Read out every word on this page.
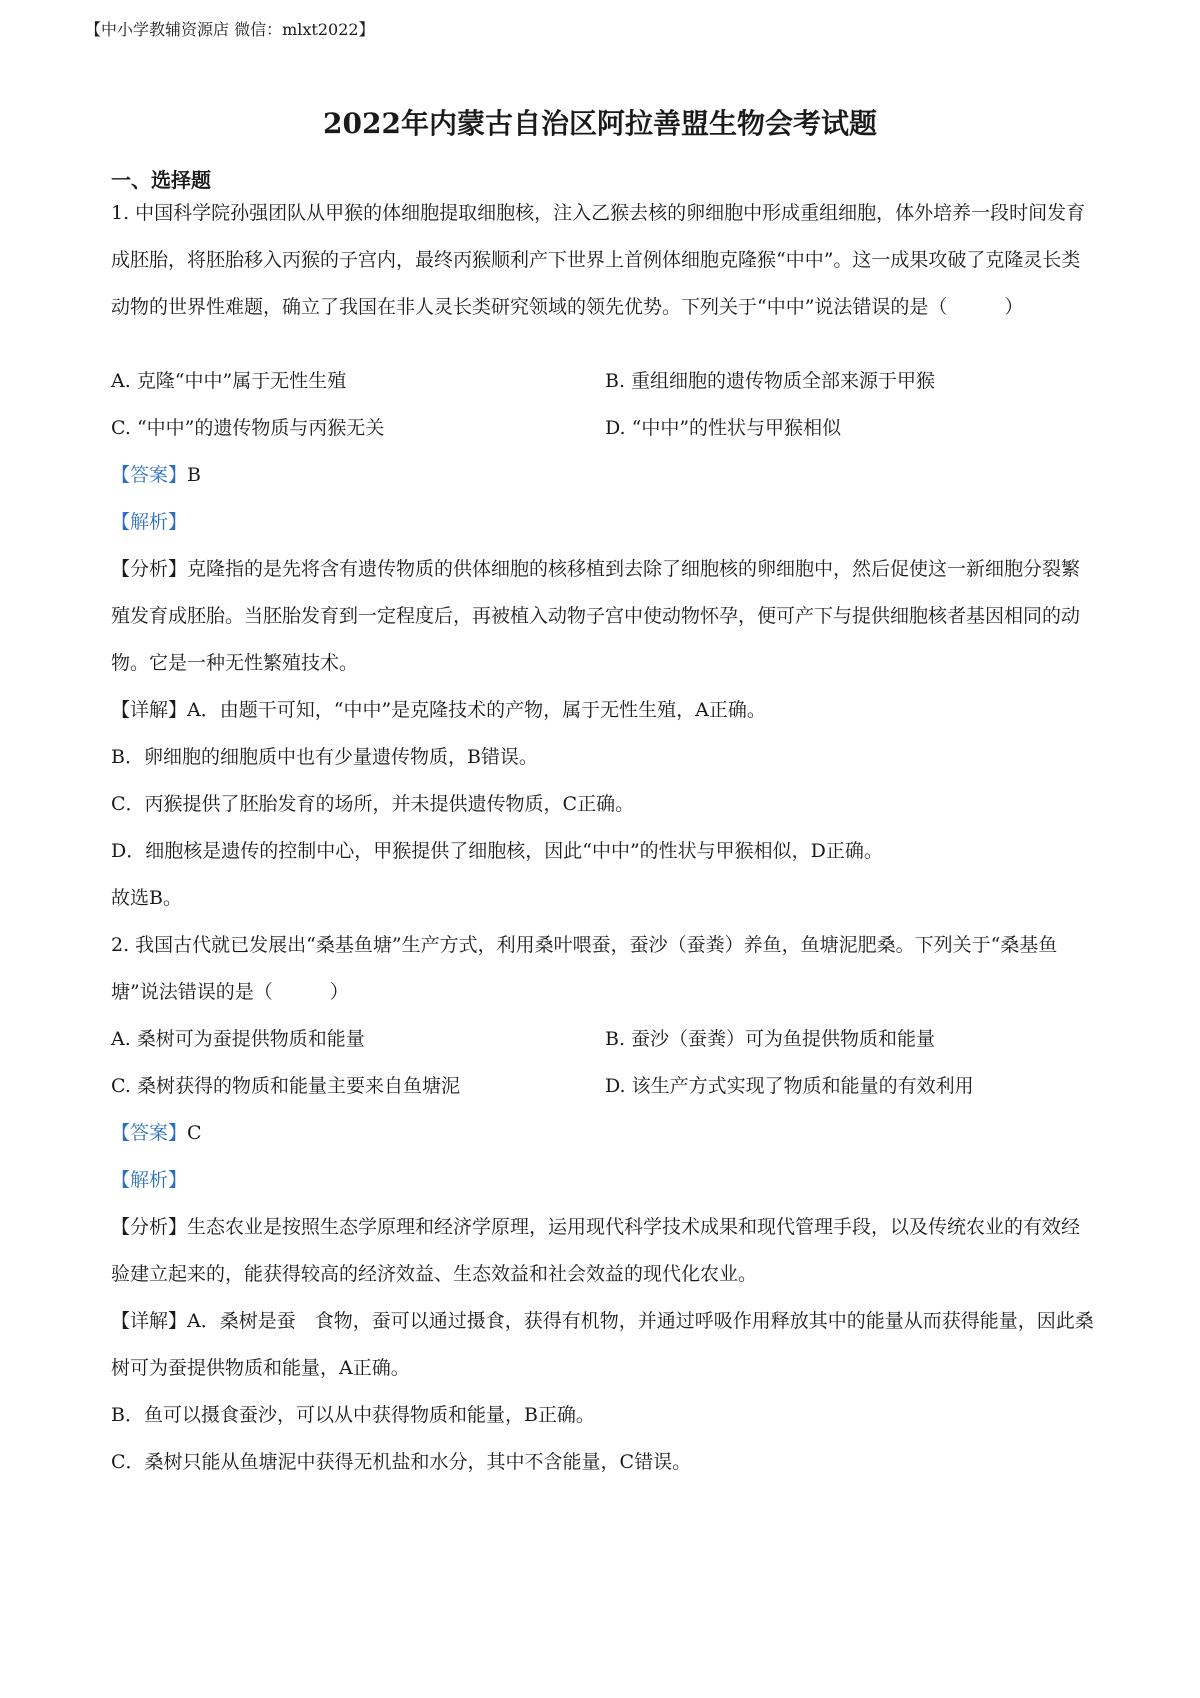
【中小学教辅资源店 微信：mlxt2022】
2022年内蒙古自治区阿拉善盟生物会考试题
一、选择题
1. 中国科学院孙强团队从甲猴的体细胞提取细胞核，注入乙猴去核的卵细胞中形成重组细胞，体外培养一段时间发育成胚胎，将胚胎移入丙猴的子宫内，最终丙猴顺利产下世界上首例体细胞克隆猴“中中”。这一成果攻破了克隆灵长类动物的世界性难题，确立了我国在非人灵长类研究领域的领先优势。下列关于“中中”说法错误的是（　　　）
A. 克隆“中中”属于无性生殖	B. 重组细胞的遗传物质全部来源于甲猴
C. “中中”的遗传物质与丙猴无关	D. “中中”的性状与甲猴相似
【答案】B
【解析】
【分析】克隆指的是先将含有遗传物质的供体细胞的核移植到去除了细胞核的卵细胞中，然后促使这一新细胞分裂繁殖发育成胚胎。当胚胎发育到一定程度后，再被植入动物子宫中使动物怀孕，便可产下与提供细胞核者基因相同的动物。它是一种无性繁殖技术。
【详解】A．由题干可知，“中中”是克隆技术的产物，属于无性生殖，A正确。
B．卵细胞的细胞质中也有少量遗传物质，B错误。
C．丙猴提供了胚胎发育的场所，并未提供遗传物质，C正确。
D．细胞核是遗传的控制中心，甲猴提供了细胞核，因此“中中”的性状与甲猴相似，D正确。
故选B。
2. 我国古代就已发展出“桑基鱼塘”生产方式，利用桑叶喂蚕，蚕沙（蚕粪）养鱼，鱼塘泥肥桑。下列关于“桑基鱼塘”说法错误的是（　　　）
A. 桑树可为蚕提供物质和能量	B. 蚕沙（蚕粪）可为鱼提供物质和能量
C. 桑树获得的物质和能量主要来自鱼塘泥	D. 该生产方式实现了物质和能量的有效利用
【答案】C
【解析】
【分析】生态农业是按照生态学原理和经济学原理，运用现代科学技术成果和现代管理手段，以及传统农业的有效经验建立起来的，能获得较高的经济效益、生态效益和社会效益的现代化农业。
【详解】A．桑树是蚕　食物，蚕可以通过摄食，获得有机物，并通过呼吸作用释放其中的能量从而获得能量，因此桑树可为蚕提供物质和能量，A正确。
B．鱼可以摄食蚕沙，可以从中获得物质和能量，B正确。
C．桑树只能从鱼塘泥中获得无机盐和水分，其中不含能量，C错误。
